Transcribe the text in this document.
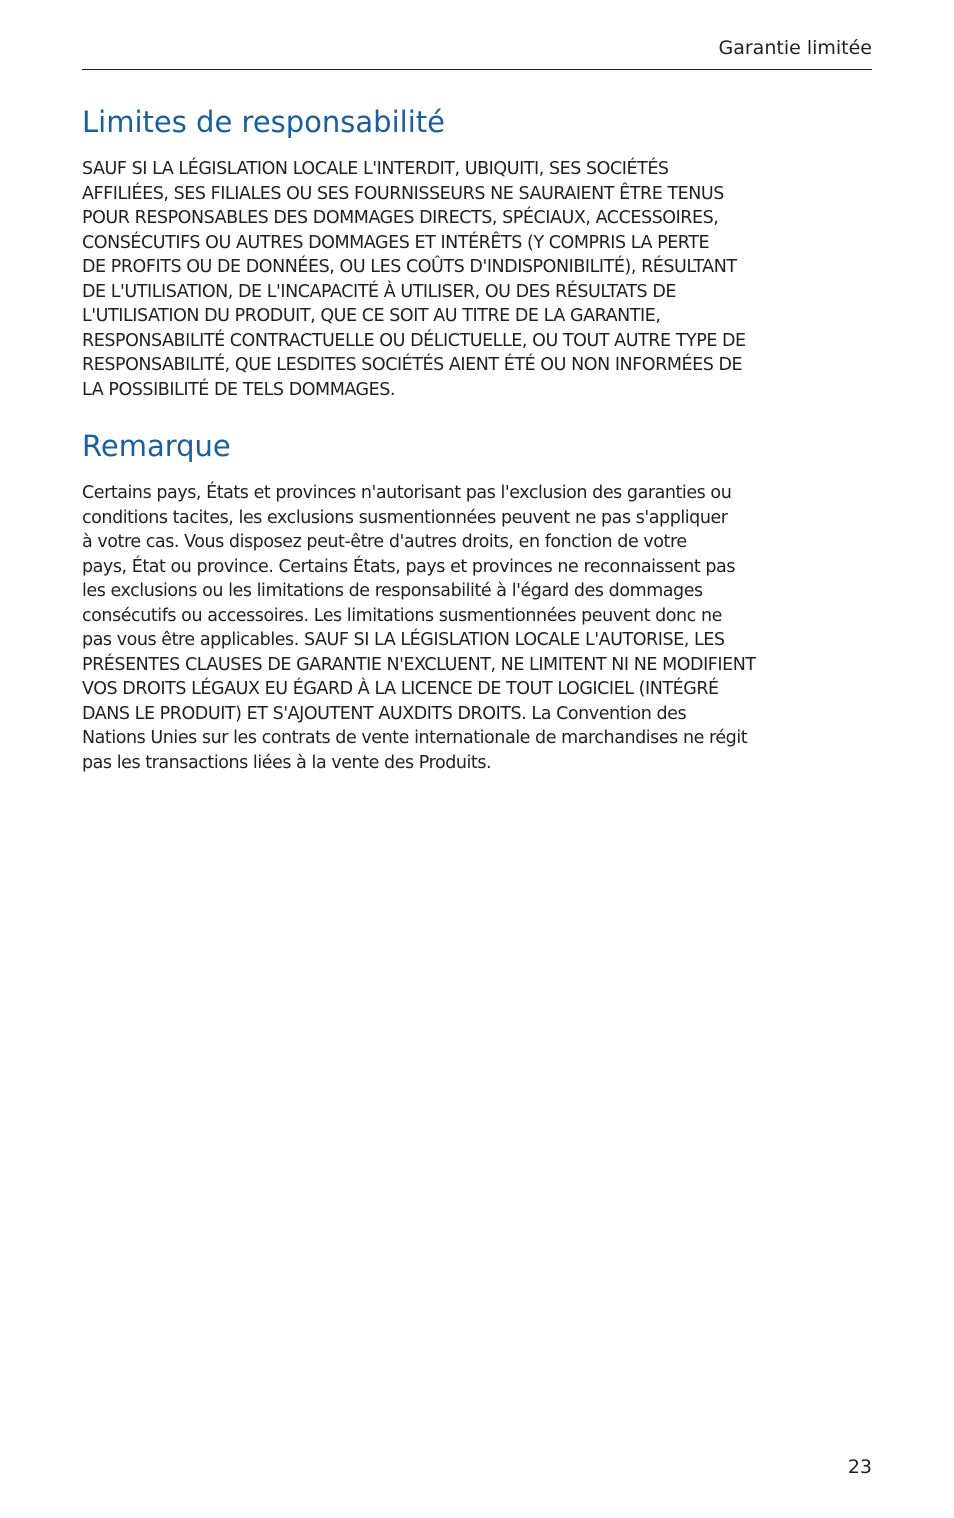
Garantie limitée
Limites de responsabilité
SAUF SI LA LÉGISLATION LOCALE L'INTERDIT, UBIQUITI, SES SOCIÉTÉS
AFFILIÉES, SES FILIALES OU SES FOURNISSEURS NE SAURAIENT ÊTRE TENUS
POUR RESPONSABLES DES DOMMAGES DIRECTS, SPÉCIAUX, ACCESSOIRES,
CONSÉCUTIFS OU AUTRES DOMMAGES ET INTÉRÊTS (Y COMPRIS LA PERTE
DE PROFITS OU DE DONNÉES, OU LES COÛTS D'INDISPONIBILITÉ), RÉSULTANT
DE L'UTILISATION, DE L'INCAPACITÉ À UTILISER, OU DES RÉSULTATS DE
L'UTILISATION DU PRODUIT, QUE CE SOIT AU TITRE DE LA GARANTIE,
RESPONSABILITÉ CONTRACTUELLE OU DÉLICTUELLE, OU TOUT AUTRE TYPE DE
RESPONSABILITÉ, QUE LESDITES SOCIÉTÉS AIENT ÉTÉ OU NON INFORMÉES DE
LA POSSIBILITÉ DE TELS DOMMAGES.
Remarque
Certains pays, États et provinces n'autorisant pas l'exclusion des garanties ou
conditions tacites, les exclusions susmentionnées peuvent ne pas s'appliquer
à votre cas. Vous disposez peut-être d'autres droits, en fonction de votre
pays, État ou province. Certains États, pays et provinces ne reconnaissent pas
les exclusions ou les limitations de responsabilité à l'égard des dommages
consécutifs ou accessoires. Les limitations susmentionnées peuvent donc ne
pas vous être applicables. SAUF SI LA LÉGISLATION LOCALE L'AUTORISE, LES
PRÉSENTES CLAUSES DE GARANTIE N'EXCLUENT, NE LIMITENT NI NE MODIFIENT
VOS DROITS LÉGAUX EU ÉGARD À LA LICENCE DE TOUT LOGICIEL (INTÉGRÉ
DANS LE PRODUIT) ET S'AJOUTENT AUXDITS DROITS. La Convention des
Nations Unies sur les contrats de vente internationale de marchandises ne régit
pas les transactions liées à la vente des Produits.
23
